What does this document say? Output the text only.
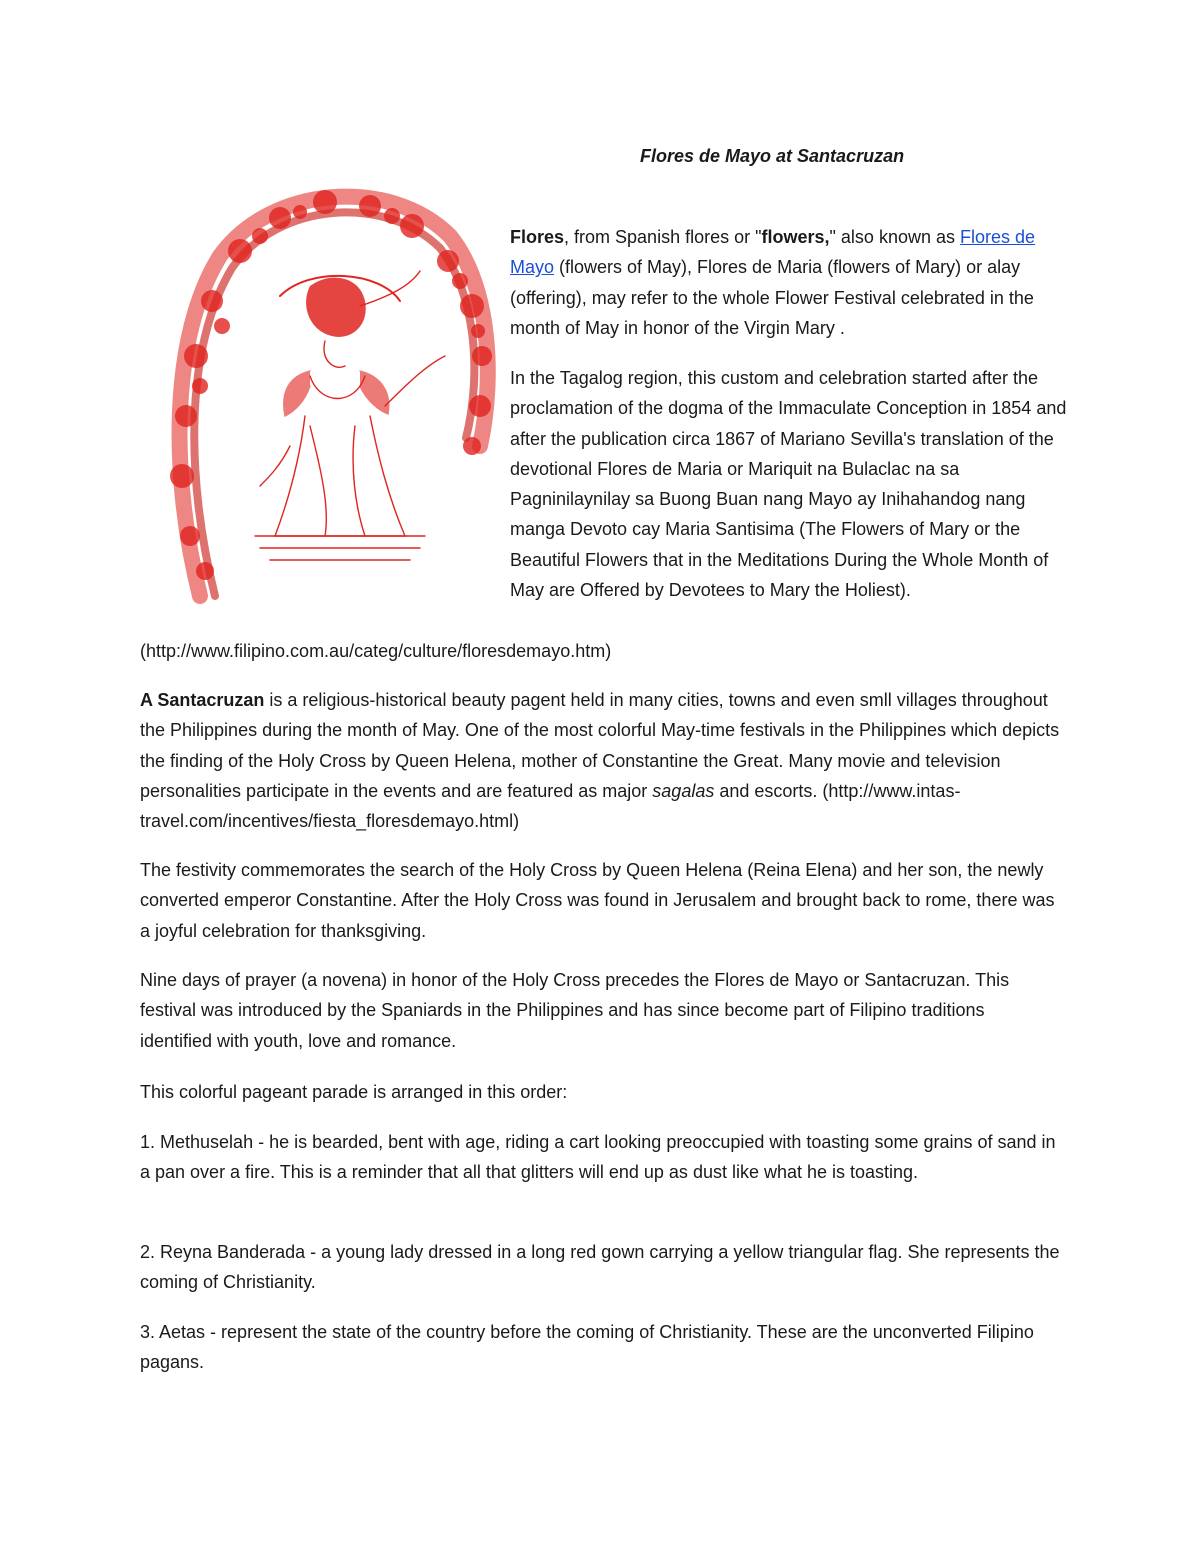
Flores de Mayo at Santacruzan

Flores, from Spanish flores or "flowers," also known as Flores de Mayo (flowers of May), Flores de Maria (flowers of Mary) or alay (offering), may refer to the whole Flower Festival celebrated in the month of May in honor of the Virgin Mary .

In the Tagalog region, this custom and celebration started after the proclamation of the dogma of the Immaculate Conception in 1854 and after the publication circa 1867 of Mariano Sevilla's translation of the devotional Flores de Maria or Mariquit na Bulaclac na sa Pagninilaynilay sa Buong Buan nang Mayo ay Inihahandog nang manga Devoto cay Maria Santisima (The Flowers of Mary or the Beautiful Flowers that in the Meditations During the Whole Month of May are Offered by Devotees to Mary the Holiest).

(http://www.filipino.com.au/categ/culture/floresdemayo.htm)

A Santacruzan is a religious-historical beauty pagent held in many cities, towns and even smll villages throughout the Philippines during the month of May. One of the most colorful May-time festivals in the Philippines which depicts the finding of the Holy Cross by Queen Helena, mother of Constantine the Great. Many movie and television personalities participate in the events and are featured as major sagalas and escorts. (http://www.intas-travel.com/incentives/fiesta_floresdemayo.html)

The festivity commemorates the search of the Holy Cross by Queen Helena (Reina Elena) and her son, the newly converted emperor Constantine. After the Holy Cross was found in Jerusalem and brought back to rome, there was a joyful celebration for thanksgiving.

Nine days of prayer (a novena) in honor of the Holy Cross precedes the Flores de Mayo or Santacruzan. This festival was introduced by the Spaniards in the Philippines and has since become part of Filipino traditions identified with youth, love and romance.

This colorful pageant parade is arranged in this order:

1. Methuselah - he is bearded, bent with age, riding a cart looking preoccupied with toasting some grains of sand in a pan over a fire. This is a reminder that all that glitters will end up as dust like what he is toasting.

2. Reyna Banderada - a young lady dressed in a long red gown carrying a yellow triangular flag. She represents the coming of Christianity.

3. Aetas - represent the state of the country before the coming of Christianity. These are the unconverted Filipino pagans.
